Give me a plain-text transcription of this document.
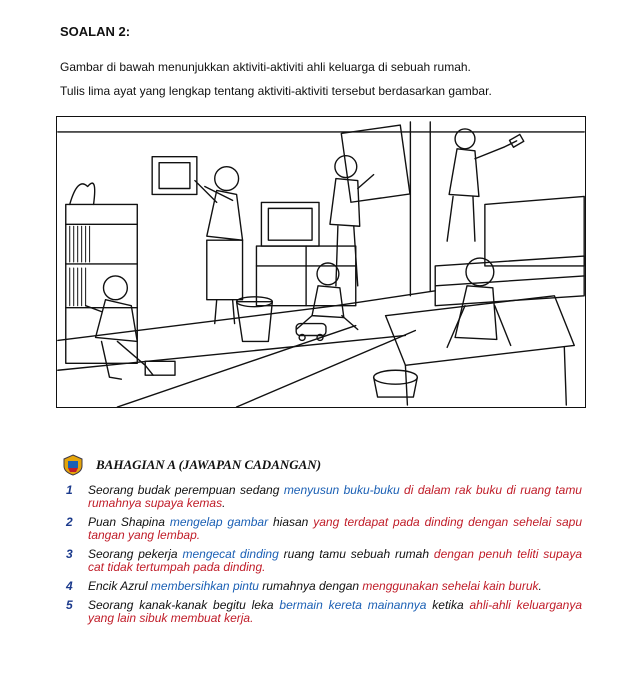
SOALAN 2:
Gambar di bawah menunjukkan aktiviti-aktiviti ahli keluarga di sebuah rumah.
Tulis lima ayat yang lengkap tentang aktiviti-aktiviti tersebut berdasarkan gambar.
BAHAGIAN A (JAWAPAN CADANGAN)
1	Seorang budak perempuan sedang menyusun buku-buku di dalam rak buku di ruang tamu rumahnya supaya kemas.
2	Puan Shapina mengelap gambar hiasan yang terdapat pada dinding dengan sehelai sapu tangan yang lembap.
3	Seorang pekerja mengecat dinding ruang tamu sebuah rumah dengan penuh teliti supaya cat tidak tertumpah pada dinding.
4	Encik Azrul membersihkan pintu rumahnya dengan menggunakan sehelai kain buruk.
5	Seorang kanak-kanak begitu leka bermain kereta mainannya ketika ahli-ahli keluarganya yang lain sibuk membuat kerja.
